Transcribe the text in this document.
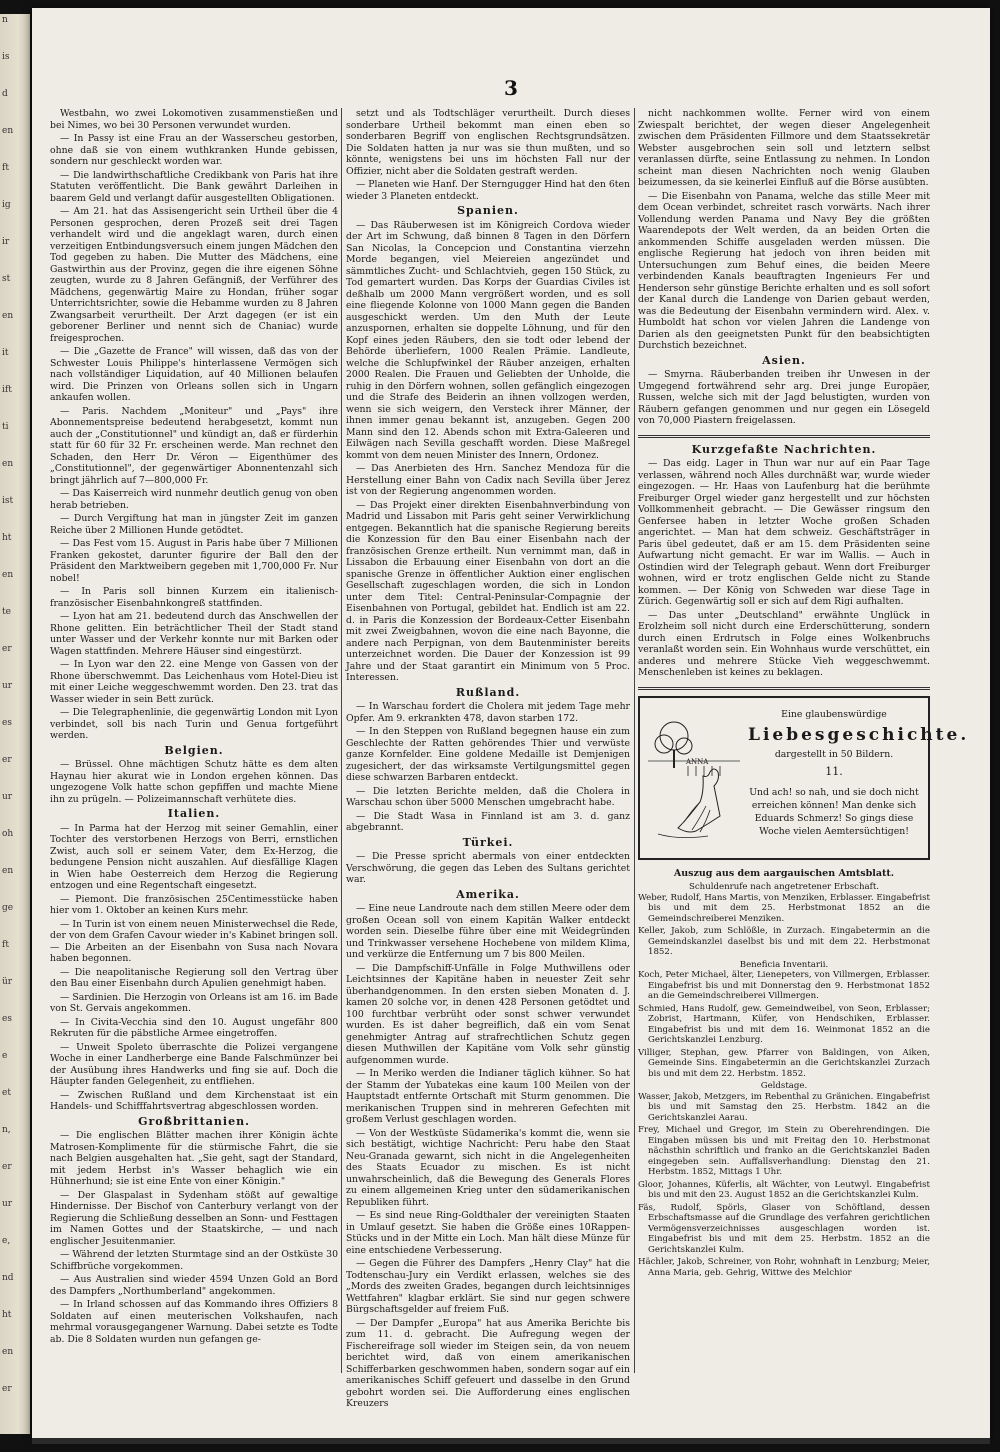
n
is
d
en
ft
ig
ir
st
en
it
ift
ti
en
ist
ht
en
te
er
ur
es
er
ur
oh
en
ge
ft
ür
es
e
et
n,
er
ur
e,
nd
ht
en
er
3

Westbahn, wo zwei Lokomotiven zusammenstießen und bei Nimes, wo bei 30 Personen verwundet wurden.

— In Passy ist eine Frau an der Wasserscheu gestorben, ohne daß sie von einem wuthkranken Hunde gebissen, sondern nur geschleckt worden war.

— Die landwirthschaftliche Credikbank von Paris hat ihre Statuten veröffentlicht. Die Bank gewährt Darleihen in baarem Geld und verlangt dafür ausgestellten Obligationen.

— Am 21. hat das Assisengericht sein Urtheil über die 4 Personen gesprochen, deren Prozeß seit drei Tagen verhandelt wird und die angeklagt waren, durch einen verzeitigen Entbindungsversuch einem jungen Mädchen den Tod gegeben zu haben. Die Mutter des Mädchens, eine Gastwirthin aus der Provinz, gegen die ihre eigenen Söhne zeugten, wurde zu 8 Jahren Gefängniß, der Verführer des Mädchens, gegenwärtig Maire zu Hondan, früher sogar Unterrichtsrichter, sowie die Hebamme wurden zu 8 Jahren Zwangsarbeit verurtheilt. Der Arzt dagegen (er ist ein geborener Berliner und nennt sich de Chaniac) wurde freigesprochen.

— Die „Gazette de France" will wissen, daß das von der Schwester Louis Philippe's hinterlassene Vermögen sich nach vollständiger Liquidation, auf 40 Millionen belaufen wird. Die Prinzen von Orleans sollen sich in Ungarn ankaufen wollen.

— Paris. Nachdem „Moniteur" und „Pays" ihre Abonnementspreise bedeutend herabgesetzt, kommt nun auch der „Constitutionnel" und kündigt an, daß er fürderhin statt für 60 für 32 Fr. erscheinen werde. Man rechnet den Schaden, den Herr Dr. Véron — Eigenthümer des „Constitutionnel", der gegenwärtiger Abonnentenzahl sich bringt jährlich auf 7—800,000 Fr.

— Das Kaiserreich wird nunmehr deutlich genug von oben herab betrieben.

— Durch Vergiftung hat man in jüngster Zeit im ganzen Reiche über 2 Millionen Hunde getödtet.

— Das Fest vom 15. August in Paris habe über 7 Millionen Franken gekostet, darunter figurire der Ball den der Präsident den Marktweibern gegeben mit 1,700,000 Fr. Nur nobel!

— In Paris soll binnen Kurzem ein italienisch-französischer Eisenbahnkongreß stattfinden.

— Lyon hat am 21. bedeutend durch das Anschwellen der Rhone gelitten. Ein beträchtlicher Theil der Stadt stand unter Wasser und der Verkehr konnte nur mit Barken oder Wagen stattfinden. Mehrere Häuser sind eingestürzt.

— In Lyon war den 22. eine Menge von Gassen von der Rhone überschwemmt. Das Leichenhaus vom Hotel-Dieu ist mit einer Leiche weggeschwemmt worden. Den 23. trat das Wasser wieder in sein Bett zurück.

— Die Telegraphenlinie, die gegenwärtig London mit Lyon verbindet, soll bis nach Turin und Genua fortgeführt werden.

Belgien.

— Brüssel. Ohne mächtigen Schutz hätte es dem alten Haynau hier akurat wie in London ergehen können. Das ungezogene Volk hatte schon gepfiffen und machte Miene ihn zu prügeln. — Polizeimannschaft verhütete dies.

Italien.

— In Parma hat der Herzog mit seiner Gemahlin, einer Tochter des verstorbenen Herzogs von Berri, ernstlichen Zwist, auch soll er seinem Vater, dem Ex-Herzog, die bedungene Pension nicht auszahlen. Auf diesfällige Klagen in Wien habe Oesterreich dem Herzog die Regierung entzogen und eine Regentschaft eingesetzt.

— Piemont. Die französischen 25Centimesstücke haben hier vom 1. Oktober an keinen Kurs mehr.

— In Turin ist von einem neuen Ministerwechsel die Rede, der von dem Grafen Cavour wieder in's Kabinet bringen soll. — Die Arbeiten an der Eisenbahn von Susa nach Novara haben begonnen.

— Die neapolitanische Regierung soll den Vertrag über den Bau einer Eisenbahn durch Apulien genehmigt haben.

— Sardinien. Die Herzogin von Orleans ist am 16. im Bade von St. Gervais angekommen.

— In Civita-Vecchia sind den 10. August ungefähr 800 Rekruten für die päbstliche Armee eingetroffen.

— Unweit Spoleto überraschte die Polizei vergangene Woche in einer Landherberge eine Bande Falschmünzer bei der Ausübung ihres Handwerks und fing sie auf. Doch die Häupter fanden Gelegenheit, zu entfliehen.

— Zwischen Rußland und dem Kirchenstaat ist ein Handels- und Schifffahrtsvertrag abgeschlossen worden.

Großbrittanien.

— Die englischen Blätter machen ihrer Königin ächte Matrosen-Komplimente für die stürmische Fahrt, die sie nach Belgien ausgehalten hat. „Sie geht, sagt der Standard, mit jedem Herbst in's Wasser behaglich wie ein Hühnerhund; sie ist eine Ente von einer Königin."

— Der Glaspalast in Sydenham stößt auf gewaltige Hindernisse. Der Bischof von Canterbury verlangt von der Regierung die Schließung desselben an Sonn- und Festtagen im Namen Gottes und der Staatskirche, — und nach englischer Jesuitenmanier.

— Während der letzten Sturmtage sind an der Ostküste 30 Schiffbrüche vorgekommen.

— Aus Australien sind wieder 4594 Unzen Gold an Bord des Dampfers „Northumberland" angekommen.

— In Irland schossen auf das Kommando ihres Offiziers 8 Soldaten auf einen meuterischen Volkshaufen, nach mehrmal vorausgegangener Warnung. Dabei setzte es Todte ab. Die 8 Soldaten wurden nun gefangen ge-

setzt und als Todtschläger verurtheilt. Durch dieses sonderbare Urtheil bekommt man einen eben so sonderbaren Begriff von englischen Rechtsgrundsätzen. Die Soldaten hatten ja nur was sie thun mußten, und so könnte, wenigstens bei uns im höchsten Fall nur der Offizier, nicht aber die Soldaten gestraft werden.

— Planeten wie Hanf. Der Sterngugger Hind hat den 6ten wieder 3 Planeten entdeckt.

Spanien.

— Das Räuberwesen ist im Königreich Cordova wieder der Art im Schwung, daß binnen 8 Tagen in den Dörfern San Nicolas, la Concepcion und Constantina vierzehn Morde begangen, viel Meiereien angezündet und sämmtliches Zucht- und Schlachtvieh, gegen 150 Stück, zu Tod gemartert wurden. Das Korps der Guardias Civiles ist deßhalb um 2000 Mann vergrößert worden, und es soll eine fliegende Kolonne von 1000 Mann gegen die Banden ausgeschickt werden. Um den Muth der Leute anzuspornen, erhalten sie doppelte Löhnung, und für den Kopf eines jeden Räubers, den sie todt oder lebend der Behörde überliefern, 1000 Realen Prämie. Landleute, welche die Schlupfwinkel der Räuber anzeigen, erhalten 2000 Realen. Die Frauen und Geliebten der Unholde, die ruhig in den Dörfern wohnen, sollen gefänglich eingezogen und die Strafe des Beiderin an ihnen vollzogen werden, wenn sie sich weigern, den Versteck ihrer Männer, der ihnen immer genau bekannt ist, anzugeben. Gegen 200 Mann sind den 12. Abends schon mit Extra-Galeeren und Eilwägen nach Sevilla geschafft worden. Diese Maßregel kommt von dem neuen Minister des Innern, Ordonez.

— Das Anerbieten des Hrn. Sanchez Mendoza für die Herstellung einer Bahn von Cadix nach Sevilla über Jerez ist von der Regierung angenommen worden.

— Das Projekt einer direkten Eisenbahnverbindung von Madrid und Lissabon mit Paris geht seiner Verwirklichung entgegen. Bekanntlich hat die spanische Regierung bereits die Konzession für den Bau einer Eisenbahn nach der französischen Grenze ertheilt. Nun vernimmt man, daß in Lissabon die Erbauung einer Eisenbahn von dort an die spanische Grenze in öffentlicher Auktion einer englischen Gesellschaft zugeschlagen worden, die sich in London unter dem Titel: Central-Peninsular-Compagnie der Eisenbahnen von Portugal, gebildet hat. Endlich ist am 22. d. in Paris die Konzession der Bordeaux-Cetter Eisenbahn mit zwei Zweigbahnen, wovon die eine nach Bayonne, die andere nach Perpignan, von dem Bautenminister bereits unterzeichnet worden. Die Dauer der Konzession ist 99 Jahre und der Staat garantirt ein Minimum von 5 Proc. Interessen.

Rußland.

— In Warschau fordert die Cholera mit jedem Tage mehr Opfer. Am 9. erkrankten 478, davon starben 172.

— In den Steppen von Rußland begegnen hause ein zum Geschlechte der Ratten gehörendes Thier und verwüste ganze Kornfelder. Eine goldene Medaille ist Demjenigen zugesichert, der das wirksamste Vertilgungsmittel gegen diese schwarzen Barbaren entdeckt.

— Die letzten Berichte melden, daß die Cholera in Warschau schon über 5000 Menschen umgebracht habe.

— Die Stadt Wasa in Finnland ist am 3. d. ganz abgebrannt.

Türkei.

— Die Presse spricht abermals von einer entdeckten Verschwörung, die gegen das Leben des Sultans gerichtet war.

Amerika.

— Eine neue Landroute nach dem stillen Meere oder dem großen Ocean soll von einem Kapitän Walker entdeckt worden sein. Dieselbe führe über eine mit Weidegründen und Trinkwasser versehene Hochebene von mildem Klima, und verkürze die Entfernung um 7 bis 800 Meilen.

— Die Dampfschiff-Unfälle in Folge Muthwillens oder Leichtsinnes der Kapitäne haben in neuester Zeit sehr überhandgenommen. In den ersten sieben Monaten d. J. kamen 20 solche vor, in denen 428 Personen getödtet und 100 furchtbar verbrüht oder sonst schwer verwundet wurden. Es ist daher begreiflich, daß ein vom Senat genehmigter Antrag auf strafrechtlichen Schutz gegen diesen Muthwillen der Kapitäne vom Volk sehr günstig aufgenommen wurde.

— In Meriko werden die Indianer täglich kühner. So hat der Stamm der Yubatekas eine kaum 100 Meilen von der Hauptstadt entfernte Ortschaft mit Sturm genommen. Die merikanischen Truppen sind in mehreren Gefechten mit großem Verlust geschlagen worden.

— Von der Westküste Südamerika's kommt die, wenn sie sich bestätigt, wichtige Nachricht: Peru habe den Staat Neu-Granada gewarnt, sich nicht in die Angelegenheiten des Staats Ecuador zu mischen. Es ist nicht unwahrscheinlich, daß die Bewegung des Generals Flores zu einem allgemeinen Krieg unter den südamerikanischen Republiken führt.

— Es sind neue Ring-Goldthaler der vereinigten Staaten in Umlauf gesetzt. Sie haben die Größe eines 10Rappen-Stücks und in der Mitte ein Loch. Man hält diese Münze für eine entschiedene Verbesserung.

— Gegen die Führer des Dampfers „Henry Clay" hat die Todtenschau-Jury ein Verdikt erlassen, welches sie des „Mords des zweiten Grades, begangen durch leichtsinniges Wettfahren" klagbar erklärt. Sie sind nur gegen schwere Bürgschaftsgelder auf freiem Fuß.

— Der Dampfer „Europa" hat aus Amerika Berichte bis zum 11. d. gebracht. Die Aufregung wegen der Fischereifrage soll wieder im Steigen sein, da von neuem berichtet wird, daß von einem amerikanischen Schifferbarken geschwommen haben, sondern sogar auf ein amerikanisches Schiff gefeuert und dasselbe in den Grund gebohrt worden sei. Die Aufforderung eines englischen Kreuzers

nicht nachkommen wollte. Ferner wird von einem Zwiespalt berichtet, der wegen dieser Angelegenheit zwischen dem Präsidenten Fillmore und dem Staatssekretär Webster ausgebrochen sein soll und letztern selbst veranlassen dürfte, seine Entlassung zu nehmen. In London scheint man diesen Nachrichten noch wenig Glauben beizumessen, da sie keinerlei Einfluß auf die Börse ausübten.

— Die Eisenbahn von Panama, welche das stille Meer mit dem Ocean verbindet, schreitet rasch vorwärts. Nach ihrer Vollendung werden Panama und Navy Bey die größten Waarendepots der Welt werden, da an beiden Orten die ankommenden Schiffe ausgeladen werden müssen. Die englische Regierung hat jedoch von ihren beiden mit Untersuchungen zum Behuf eines, die beiden Meere verbindenden Kanals beauftragten Ingenieurs Fer und Henderson sehr günstige Berichte erhalten und es soll sofort der Kanal durch die Landenge von Darien gebaut werden, was die Bedeutung der Eisenbahn vermindern wird. Alex. v. Humboldt hat schon vor vielen Jahren die Landenge von Darien als den geeignetsten Punkt für den beabsichtigten Durchstich bezeichnet.

Asien.

— Smyrna. Räuberbanden treiben ihr Unwesen in der Umgegend fortwährend sehr arg. Drei junge Europäer, Russen, welche sich mit der Jagd belustigten, wurden von Räubern gefangen genommen und nur gegen ein Lösegeld von 70,000 Piastern freigelassen.

Kurzgefaßte Nachrichten.

— Das eidg. Lager in Thun war nur auf ein Paar Tage verlassen, während noch Alles durchnäßt war, wurde wieder eingezogen. — Hr. Haas von Laufenburg hat die berühmte Freiburger Orgel wieder ganz hergestellt und zur höchsten Vollkommenheit gebracht. — Die Gewässer ringsum den Genfersee haben in letzter Woche großen Schaden angerichtet. — Man hat dem schweiz. Geschäftsträger in Paris übel gedeutet, daß er am 15. dem Präsidenten seine Aufwartung nicht gemacht. Er war im Wallis. — Auch in Ostindien wird der Telegraph gebaut. Wenn dort Freiburger wohnen, wird er trotz englischen Gelde nicht zu Stande kommen. — Der König von Schweden war diese Tage in Zürich. Gegenwärtig soll er sich auf dem Rigi aufhalten.

— Das unter „Deutschland" erwähnte Unglück in Erolzheim soll nicht durch eine Erderschütterung, sondern durch einen Erdrutsch in Folge eines Wolkenbruchs veranlaßt worden sein. Ein Wohnhaus wurde verschüttet, ein anderes und mehrere Stücke Vieh weggeschwemmt. Menschenleben ist keines zu beklagen.

ANNA
Eine glaubenswürdige
Liebesgeschichte.
dargestellt in 50 Bildern.
11.
Und ach! so nah, und sie doch nicht erreichen können! Man denke sich Eduards Schmerz! So gings diese Woche vielen Aemtersüchtigen!
Auszug aus dem aargauischen Amtsblatt.
Schuldenrufe nach angetretener Erbschaft.

Weber, Rudolf, Hans Martis, von Menziken, Erblasser. Eingabefrist bis und mit dem 25. Herbstmonat 1852 an die Gemeindschreiberei Menziken.

Keller, Jakob, zum Schlößle, in Zurzach. Eingabetermin an die Gemeindskanzlei daselbst bis und mit dem 22. Herbstmonat 1852.

Beneficia Inventarii.

Koch, Peter Michael, älter, Lienepeters, von Villmergen, Erblasser. Eingabefrist bis und mit Donnerstag den 9. Herbstmonat 1852 an die Gemeindschreiberei Villmergen.

Schmied, Hans Rudolf, gew. Gemeindweibel, von Seon, Erblasser; Zobrist, Hartmann, Küfer, von Hendschiken, Erblasser. Eingabefrist bis und mit dem 16. Weinmonat 1852 an die Gerichtskanzlei Lenzburg.

Villiger, Stephan, gew. Pfarrer von Baldingen, von Aiken, Gemeinde Sins. Eingabetermin an die Gerichtskanzlei Zurzach bis und mit dem 22. Herbstm. 1852.

Geldstage.

Wasser, Jakob, Metzgers, im Rebenthal zu Gränichen. Eingabefrist bis und mit Samstag den 25. Herbstm. 1842 an die Gerichtskanzlei Aarau.

Frey, Michael und Gregor, im Stein zu Oberehrendingen. Die Eingaben müssen bis und mit Freitag den 10. Herbstmonat nächsthin schriftlich und franko an die Gerichtskanzlei Baden eingegeben sein. Auffallsverhandlung: Dienstag den 21. Herbstm. 1852, Mittags 1 Uhr.

Gloor, Johannes, Küferlis, alt Wächter, von Leutwyl. Eingabefrist bis und mit den 23. August 1852 an die Gerichtskanzlei Kulm.

Fäs, Rudolf, Spörls, Glaser von Schöftland, dessen Erbschaftsmasse auf die Grundlage des verfahren gerichtlichen Vermögensverzeichnisses ausgeschlagen worden ist. Eingabefrist bis und mit dem 25. Herbstm. 1852 an die Gerichtskanzlei Kulm.

Hächler, Jakob, Schreiner, von Rohr, wohnhaft in Lenzburg; Meier, Anna Maria, geb. Gehrig, Wittwe des Melchior
